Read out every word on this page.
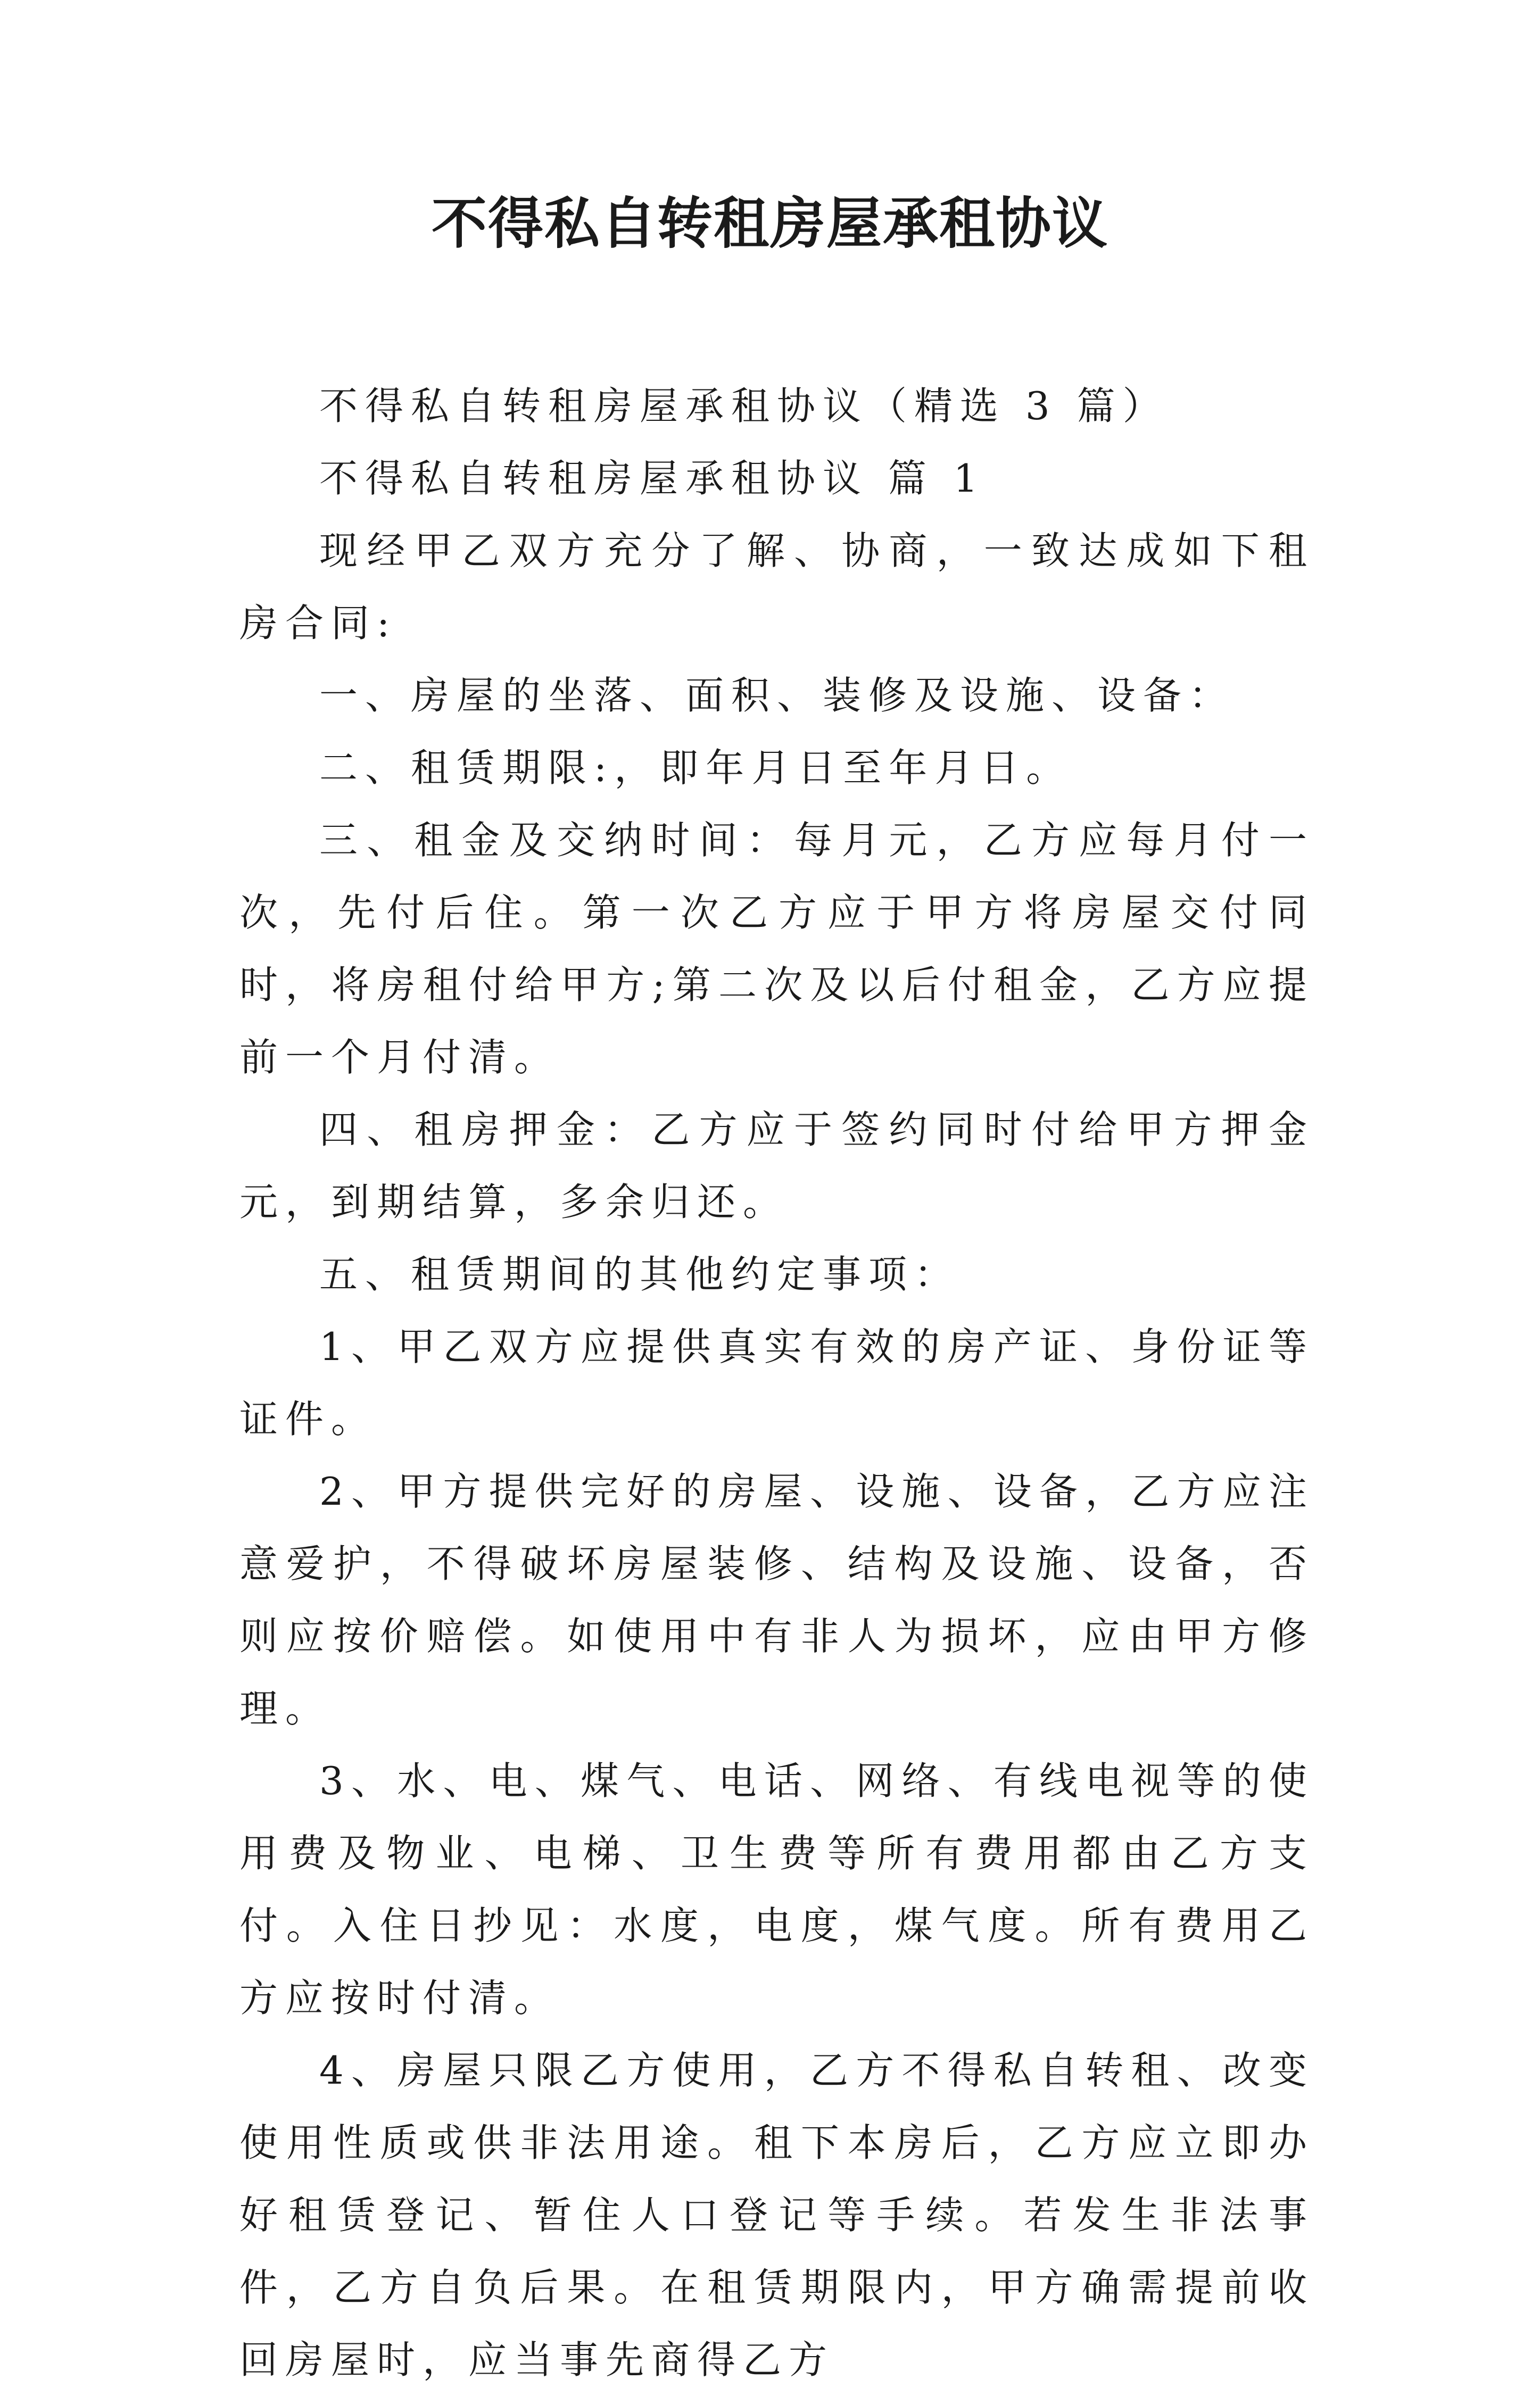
不得私自转租房屋承租协议

不得私自转租房屋承租协议（精选 3 篇）

不得私自转租房屋承租协议 篇 1

现经甲乙双方充分了解、协商，一致达成如下租房合同:

一、房屋的坐落、面积、装修及设施、设备：

二、租赁期限:，即年月日至年月日。

三、租金及交纳时间：每月元，乙方应每月付一次，先付后住。第一次乙方应于甲方将房屋交付同时，将房租付给甲方;第二次及以后付租金，乙方应提前一个月付清。

四、租房押金：乙方应于签约同时付给甲方押金元，到期结算，多余归还。

五、租赁期间的其他约定事项：

1、甲乙双方应提供真实有效的房产证、身份证等证件。

2、甲方提供完好的房屋、设施、设备，乙方应注意爱护，不得破坏房屋装修、结构及设施、设备，否则应按价赔偿。如使用中有非人为损坏，应由甲方修理。

3、水、电、煤气、电话、网络、有线电视等的使用费及物业、电梯、卫生费等所有费用都由乙方支付。入住日抄见：水度，电度，煤气度。所有费用乙方应按时付清。

4、房屋只限乙方使用，乙方不得私自转租、改变使用性质或供非法用途。租下本房后，乙方应立即办好租赁登记、暂住人口登记等手续。若发生非法事件，乙方自负后果。在租赁期限内，甲方确需提前收回房屋时，应当事先商得乙方
